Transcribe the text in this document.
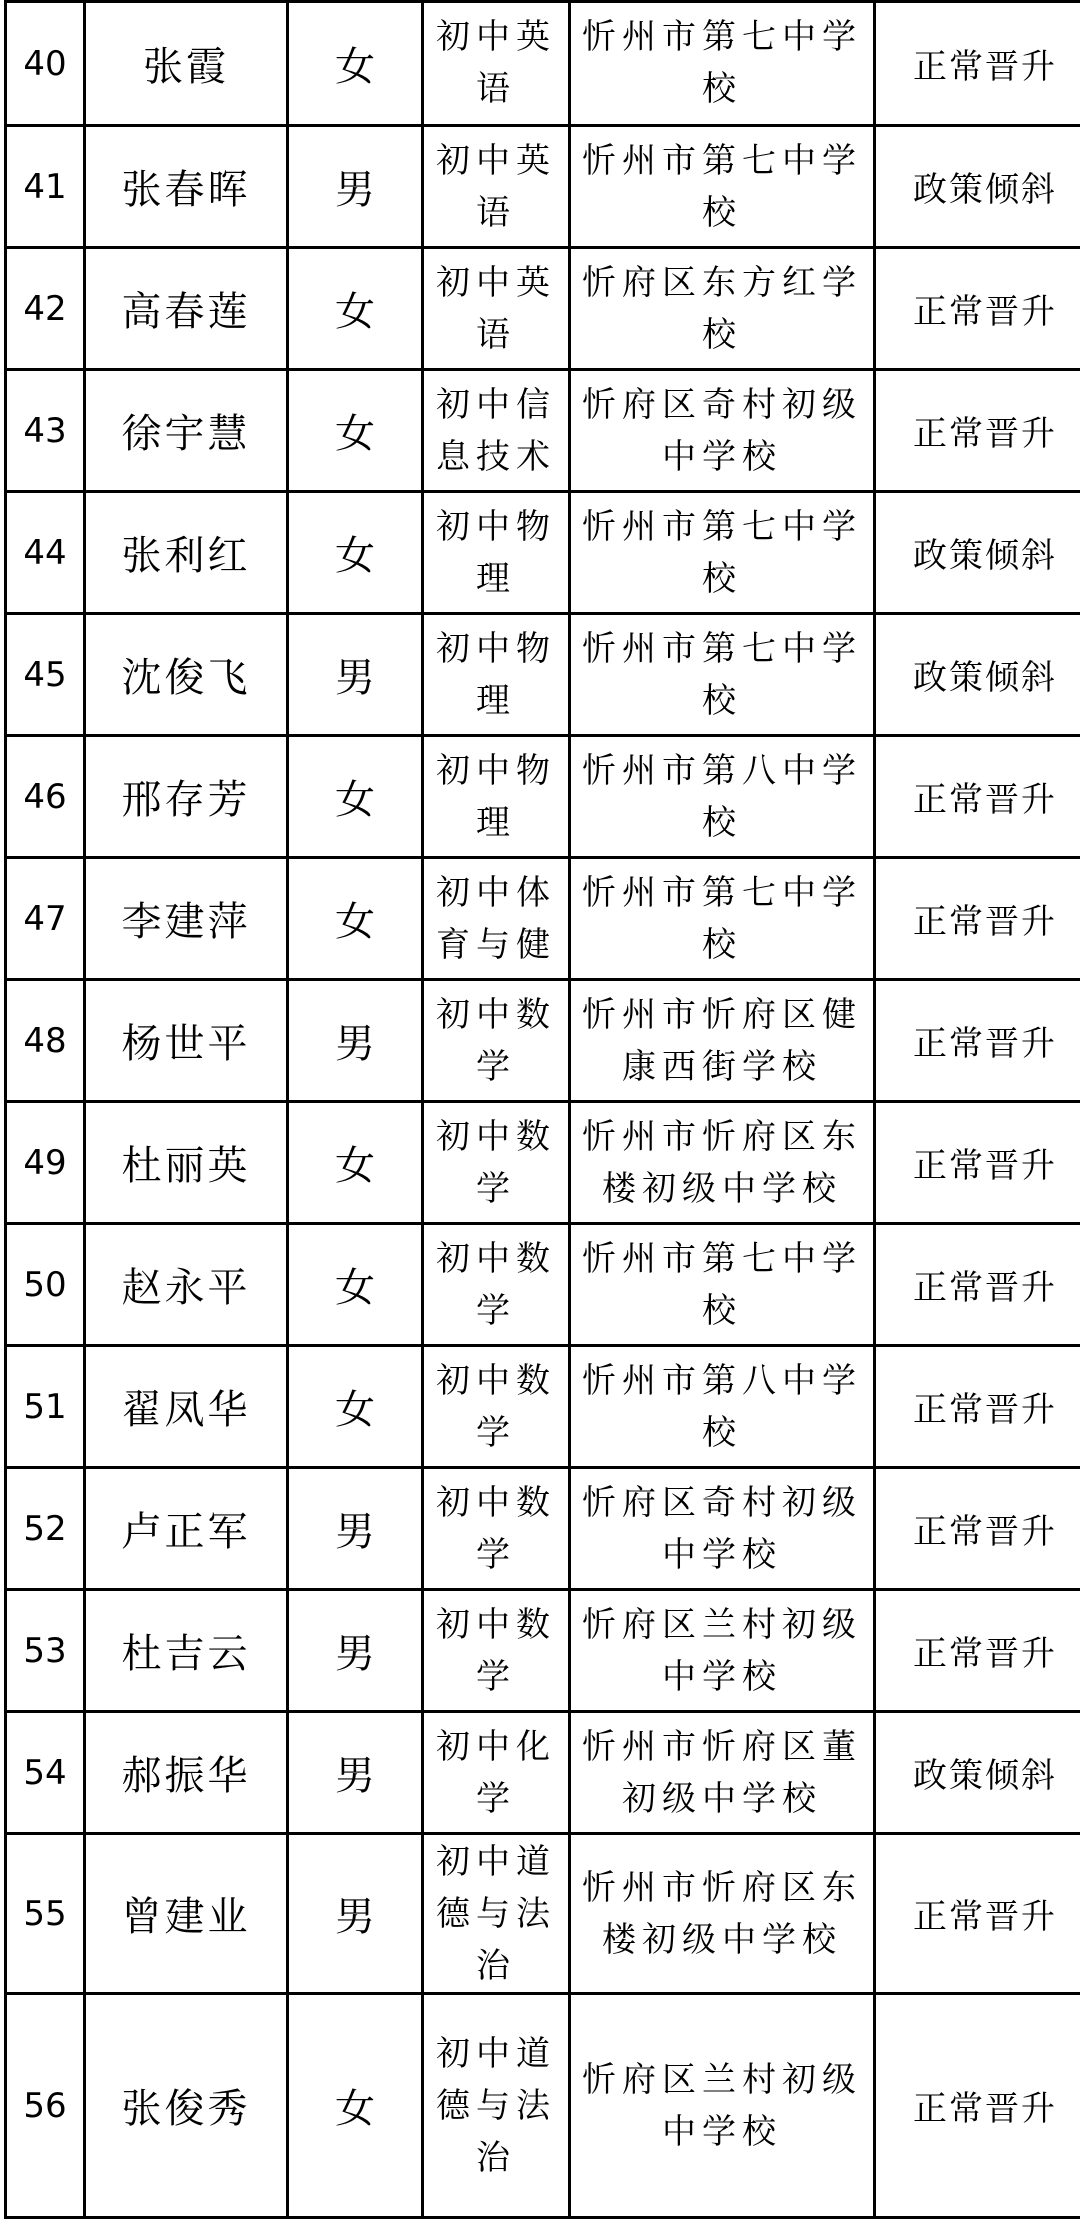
40	张霞	女	初中英语	忻州市第七中学校	正常晋升
41	张春晖	男	初中英语	忻州市第七中学校	政策倾斜
42	高春莲	女	初中英语	忻府区东方红学校	正常晋升
43	徐宇慧	女	初中信息技术	忻府区奇村初级中学校	正常晋升
44	张利红	女	初中物理	忻州市第七中学校	政策倾斜
45	沈俊飞	男	初中物理	忻州市第七中学校	政策倾斜
46	邢存芳	女	初中物理	忻州市第八中学校	正常晋升
47	李建萍	女	初中体育与健	忻州市第七中学校	正常晋升
48	杨世平	男	初中数学	忻州市忻府区健康西街学校	正常晋升
49	杜丽英	女	初中数学	忻州市忻府区东楼初级中学校	正常晋升
50	赵永平	女	初中数学	忻州市第七中学校	正常晋升
51	翟凤华	女	初中数学	忻州市第八中学校	正常晋升
52	卢正军	男	初中数学	忻府区奇村初级中学校	正常晋升
53	杜吉云	男	初中数学	忻府区兰村初级中学校	正常晋升
54	郝振华	男	初中化学	忻州市忻府区董初级中学校	政策倾斜
55	曾建业	男	初中道德与法治	忻州市忻府区东楼初级中学校	正常晋升
56	张俊秀	女	初中道德与法治	忻府区兰村初级中学校	正常晋升
